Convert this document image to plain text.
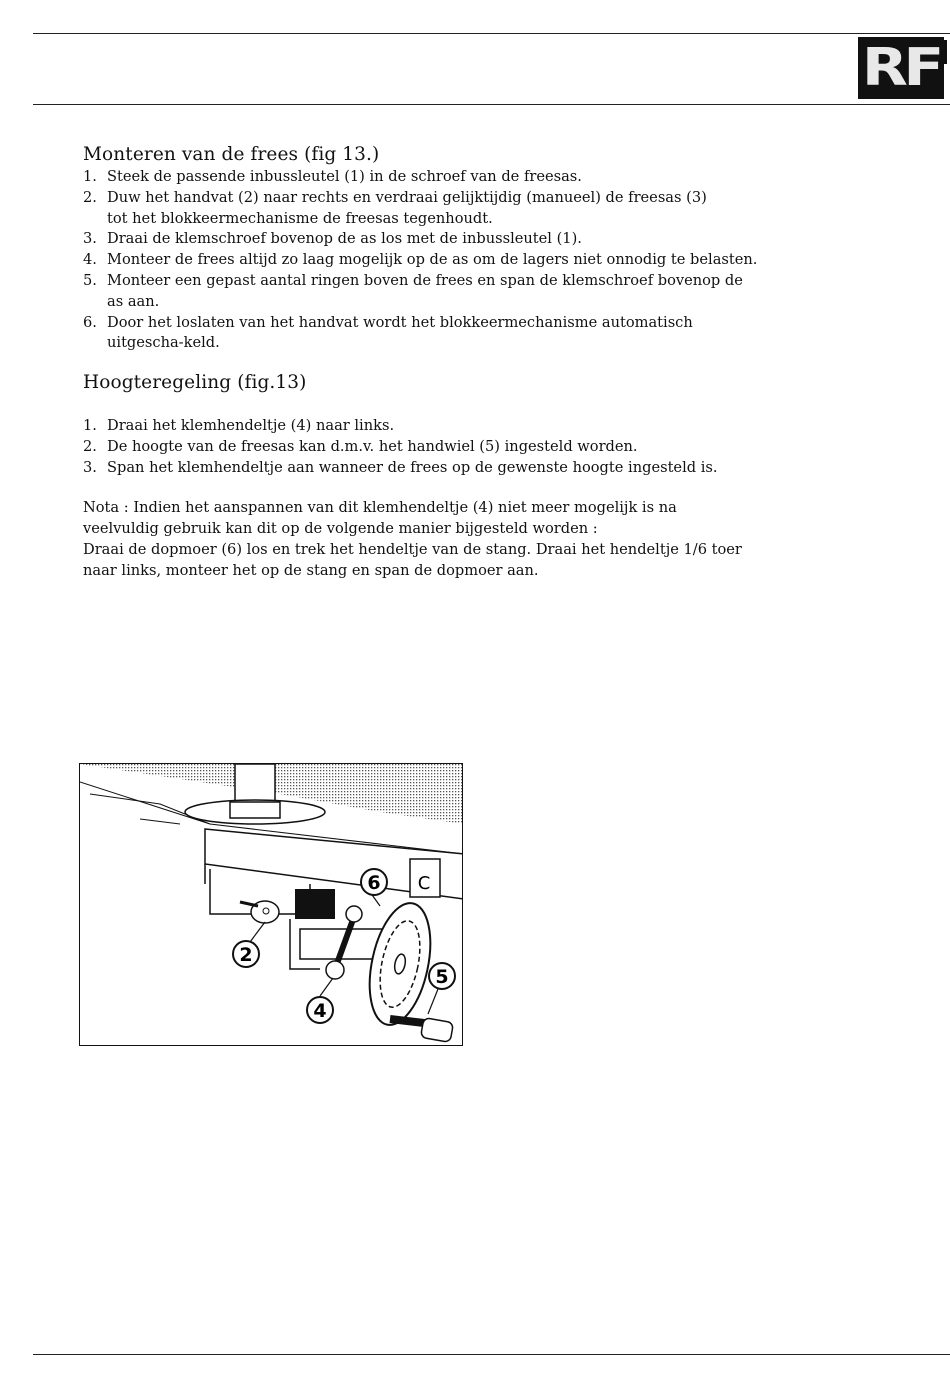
RF
Monteren van de frees (fig 13.)
1. Steek de passende inbussleutel (1) in de schroef van de freesas.
2. Duw het handvat (2) naar rechts en verdraai gelijktijdig (manueel) de freesas (3) tot het blokkeermechanisme de freesas tegenhoudt.
3. Draai de klemschroef bovenop de as los met de inbussleutel (1).
4. Monteer de frees altijd zo laag mogelijk op de as om de lagers niet onnodig te belasten.
5. Monteer een gepast aantal ringen boven de frees en span de klemschroef bovenop de as aan.
6. Door het loslaten van het handvat wordt het blokkeermechanisme automatisch uitgescha-keld.
Hoogteregeling (fig.13)
1. Draai het klemhendeltje (4) naar links.
2. De hoogte van de freesas kan d.m.v. het handwiel (5) ingesteld worden.
3. Span het klemhendeltje aan wanneer de frees op de gewenste hoogte ingesteld is.

Nota : Indien het aanspannen van dit klemhendeltje (4) niet meer mogelijk is na veelvuldig gebruik kan dit op de volgende manier bijgesteld worden :

Draai de dopmoer (6) los en trek het hendeltje van de stang. Draai het hendeltje 1/6 toer naar links, monteer het op de stang en span de dopmoer aan.

C
6
2
4
5
